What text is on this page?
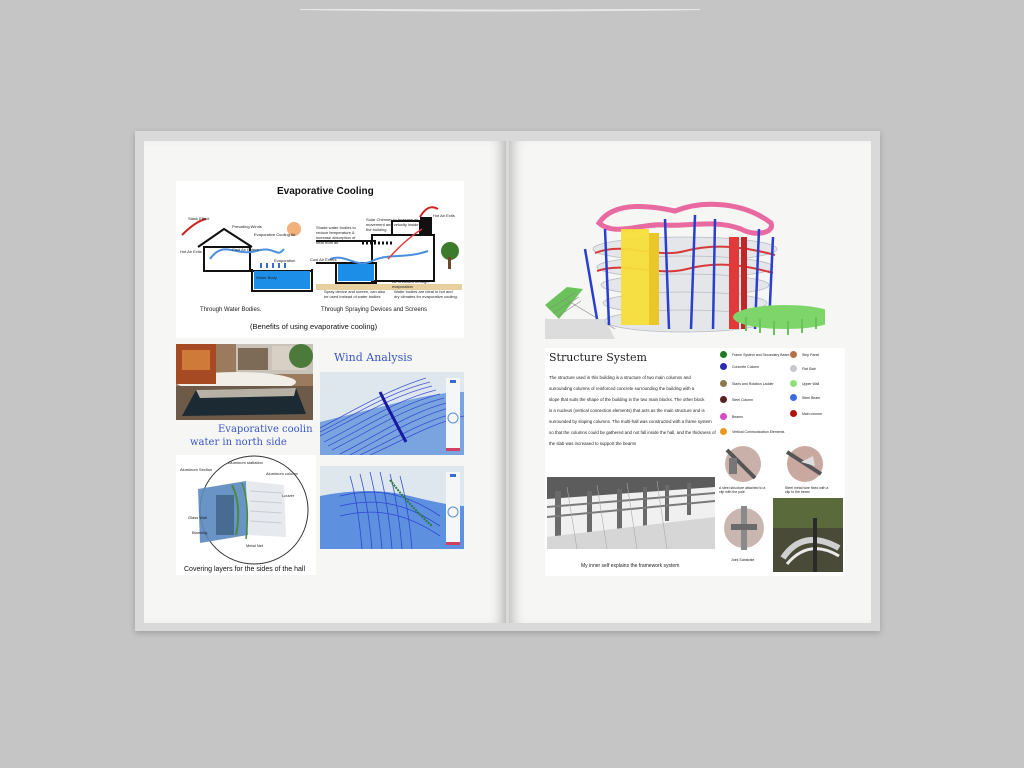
Evaporative Cooling
Stack Effect
Prevailing Winds
Evaporative Cooling Air
Hot Air Exits	Cool Air Enters
Evaporation
Water Body
Shade water bodies to reduce temperature & increase absorption of heat from air
Solar Chimney to increase air movement and velocity inside the building
Hot Air Exits
Cool Air Enters
Air is cooled through evaporation
Spray device and screen, can also be used instead of water bodies
Water bodies are ideal in hot and dry climates for evaporative cooling.
Through Water Bodies.	Through Spraying Devices and Screens
(Benefits of using evaporative cooling)
Wind Analysis
Evaporative coolin
water in north side
Aluminum statiation
Aluminum Section
Aluminum column
Louver
Glass Wall
Blanking
Metal Net
Covering layers for the sides of the hall
Structure System
The structure used in this building is a structure of two main columns and
surrounding columns of reinforced concrete surrounding the building with a
slope that suits the shape of the building in the two main blocks. The other block
is a nucleus (vertical connection elements) that acts as the main structure and is
surrounded by sloping columns. The multi-hall was constructed with a frame system
so that the columns could be gathered and not fall inside the hall, and the thickness of
the slab was increased to support the beams
Frame System and Secondary Beam
Concrete Column
Stairs and Rotation Ladder
Steel Column
Beams
Vertical Communication Elements
Strip Panel
Flat Slab
Upper Wall
Steel Beam
Main column
My inner self explains the framework system
A steel structure attached to a clip with the pole
Steel metal wire fixed with a clip to the beam
Joint Substrate
